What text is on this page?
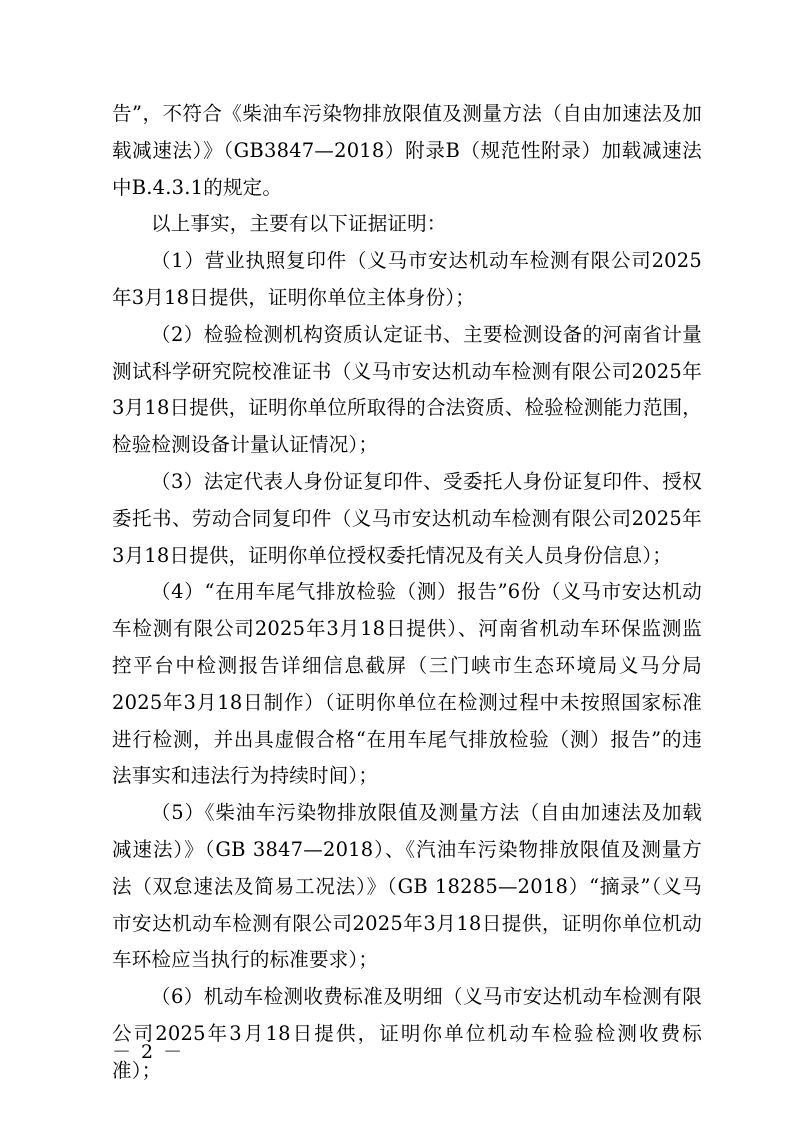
告”，不符合《柴油车污染物排放限值及测量方法（自由加速法及加载减速法）》（GB3847—2018）附录B（规范性附录）加载减速法中B.4.3.1的规定。

以上事实，主要有以下证据证明：

（1）营业执照复印件（义马市安达机动车检测有限公司2025年3月18日提供，证明你单位主体身份）；

（2）检验检测机构资质认定证书、主要检测设备的河南省计量测试科学研究院校准证书（义马市安达机动车检测有限公司2025年3月18日提供，证明你单位所取得的合法资质、检验检测能力范围，检验检测设备计量认证情况）；

（3）法定代表人身份证复印件、受委托人身份证复印件、授权委托书、劳动合同复印件（义马市安达机动车检测有限公司2025年3月18日提供，证明你单位授权委托情况及有关人员身份信息）；

（4）“在用车尾气排放检验（测）报告”6份（义马市安达机动车检测有限公司2025年3月18日提供）、河南省机动车环保监测监控平台中检测报告详细信息截屏（三门峡市生态环境局义马分局2025年3月18日制作）（证明你单位在检测过程中未按照国家标准进行检测，并出具虚假合格“在用车尾气排放检验（测）报告”的违法事实和违法行为持续时间）；

（5）《柴油车污染物排放限值及测量方法（自由加速法及加载减速法）》（GB 3847—2018）、《汽油车污染物排放限值及测量方法（双怠速法及简易工况法）》（GB 18285—2018）“摘录”（义马市安达机动车检测有限公司2025年3月18日提供，证明你单位机动车环检应当执行的标准要求）；

（6）机动车检测收费标准及明细（义马市安达机动车检测有限公司2025年3月18日提供，证明你单位机动车检验检测收费标准）；

－ 2 －
